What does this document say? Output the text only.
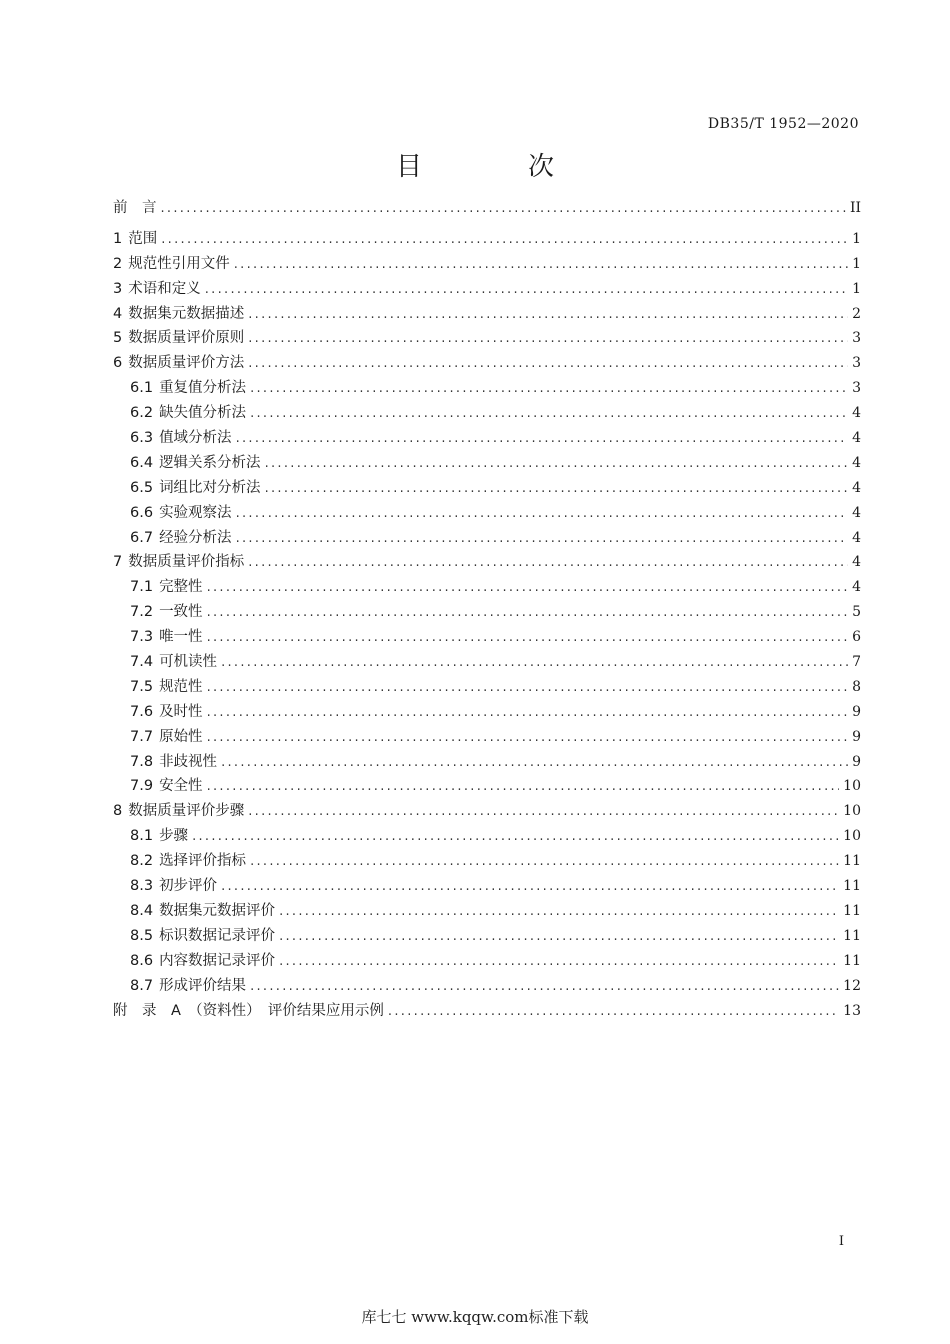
DB35/T 1952—2020
目　次
前　言 .....	II
1 范围 .....	1
2 规范性引用文件 .....	1
3 术语和定义 .....	1
4 数据集元数据描述 .....	2
5 数据质量评价原则 .....	3
6 数据质量评价方法 .....	3
6.1 重复值分析法 .....	3
6.2 缺失值分析法 .....	4
6.3 值域分析法 .....	4
6.4 逻辑关系分析法 .....	4
6.5 词组比对分析法 .....	4
6.6 实验观察法 .....	4
6.7 经验分析法 .....	4
7 数据质量评价指标 .....	4
7.1 完整性 .....	4
7.2 一致性 .....	5
7.3 唯一性 .....	6
7.4 可机读性 .....	7
7.5 规范性 .....	8
7.6 及时性 .....	9
7.7 原始性 .....	9
7.8 非歧视性 .....	9
7.9 安全性 .....	10
8 数据质量评价步骤 .....	10
8.1 步骤 .....	10
8.2 选择评价指标 .....	11
8.3 初步评价 .....	11
8.4 数据集元数据评价 .....	11
8.5 标识数据记录评价 .....	11
8.6 内容数据记录评价 .....	11
8.7 形成评价结果 .....	12
附　录　A　（资料性）　评价结果应用示例 .....	13
I
库七七 www.kqqw.com标准下载
